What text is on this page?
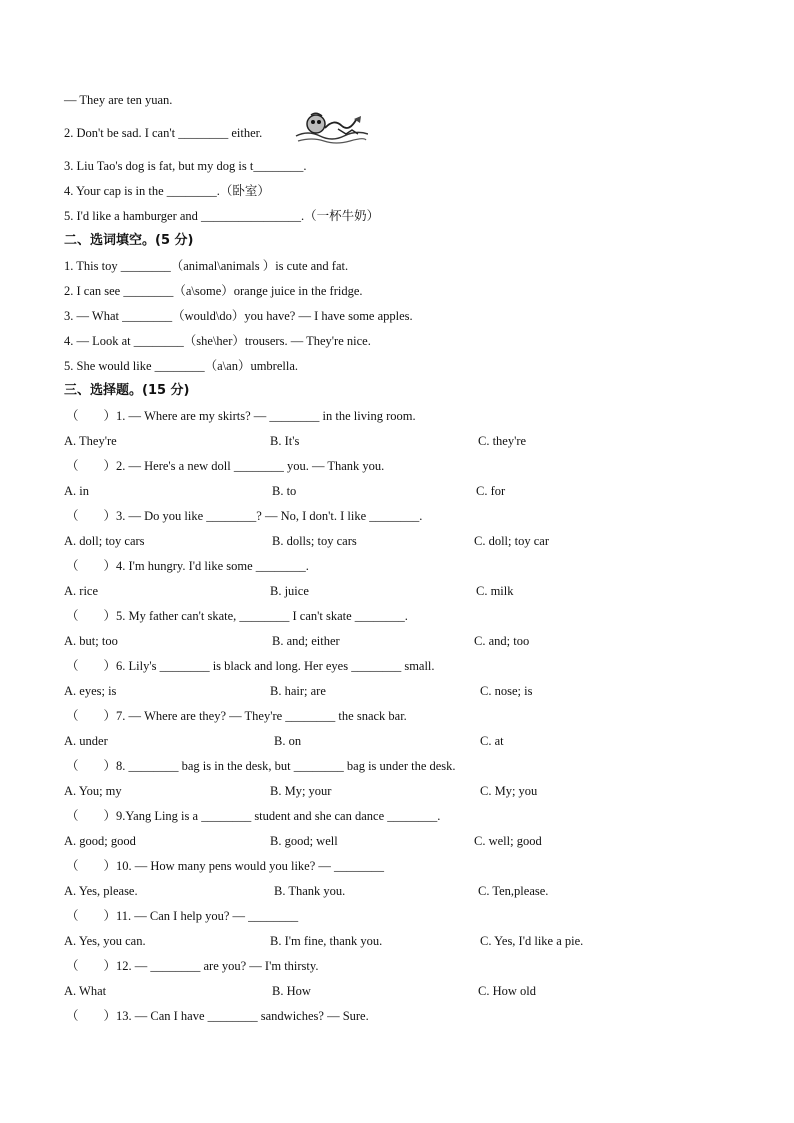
— They are ten yuan.
2. Don't be sad. I can't ________ either.
3. Liu Tao's dog is fat, but my dog is t________.
4. Your cap is in the ________.（卧室）
5. I'd like a hamburger and ________________.（一杯牛奶）
二、选词填空。(5 分)
1. This toy ________（animal\animals ）is cute and fat.
2. I can see ________（a\some）orange juice in the fridge.
3. — What ________（would\do）you have? — I have some apples.
4. — Look at ________（she\her）trousers. — They're nice.
5. She would like ________（a\an）umbrella.
三、选择题。(15 分)
（　　）1. — Where are my skirts? — ________ in the living room.
A. They're	B. It's	C. they're
（　　）2. — Here's a new doll ________ you. — Thank you.
A. in	B. to	C. for
（　　）3. — Do you like ________? — No, I don't. I like ________.
A. doll; toy cars	B. dolls; toy cars	C. doll; toy car
（　　）4. I'm hungry. I'd like some ________.
A. rice	B. juice	C. milk
（　　）5. My father can't skate, ________ I can't skate ________.
A. but; too	B. and; either	C. and; too
（　　）6. Lily's ________ is black and long. Her eyes ________ small.
A. eyes; is	B. hair; are	C. nose; is
（　　）7. — Where are they? — They're ________ the snack bar.
A. under	B. on	C. at
（　　）8. ________ bag is in the desk, but ________ bag is under the desk.
A. You; my	B. My; your	C. My; you
（　　）9.Yang Ling is a ________ student and she can dance ________.
A. good; good	B. good; well	C. well; good
（　　）10. — How many pens would you like? — ________
A. Yes, please.	B. Thank you.	C. Ten,please.
（　　）11. — Can I help you? — ________
A. Yes, you can.	B. I'm fine, thank you.	C. Yes, I'd like a pie.
（　　）12. — ________ are you? — I'm thirsty.
A. What	B. How	C. How old
（　　）13. — Can I have ________ sandwiches? — Sure.
